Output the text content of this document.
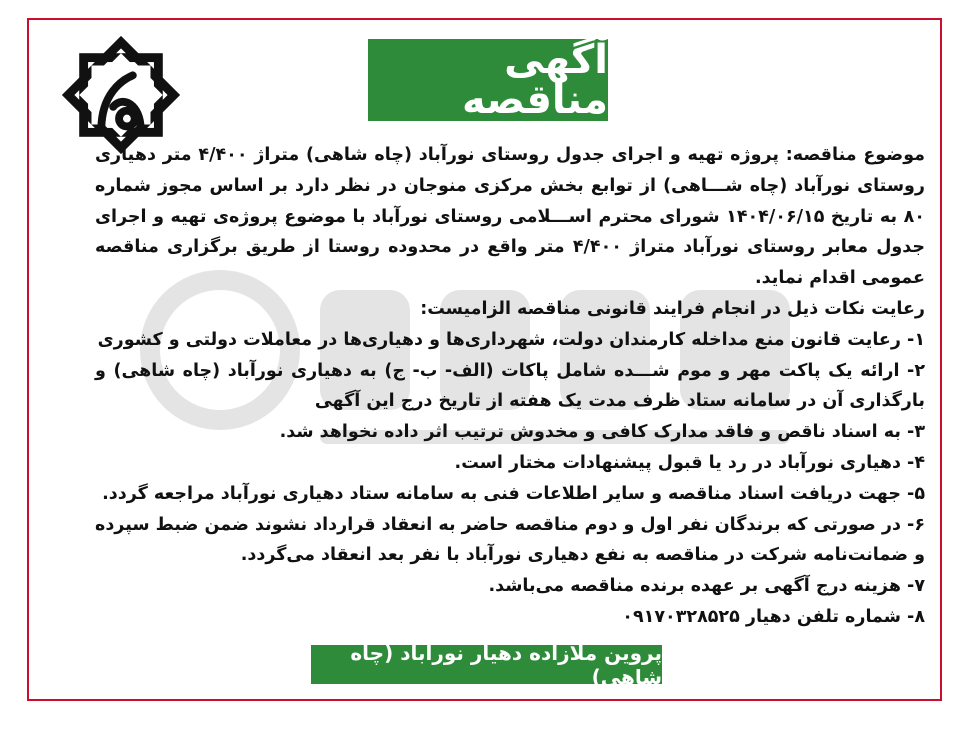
آگهی مناقصه

موضوع مناقصه: پروژه تهیه و اجرای جدول روستای نورآباد (چاه شاهی) متراژ ۴/۴۰۰ متر دهیاری روستای نورآباد (چاه شـــاهی) از توابع بخش مرکزی منوجان در نظر دارد بر اساس مجوز شماره ۸۰ به تاریخ ۱۴۰۴/۰۶/۱۵ شورای محترم اســـلامی روستای نورآباد با موضوع پروژه‌ی تهیه و اجرای جدول معابر روستای نورآباد متراژ ۴/۴۰۰ متر واقع در محدوده روستا از طریق برگزاری مناقصه عمومی اقدام نماید.

رعایت نکات ذیل در انجام فرایند قانونی مناقصه الزامیست:

۱- رعایت قانون منع مداخله کارمندان دولت، شهرداری‌ها و دهیاری‌ها در معاملات دولتی و کشوری

۲- ارائه یک پاکت مهر و موم شـــده شامل پاکات (الف- ب- ج) به دهیاری نورآباد (چاه شاهی) و بارگذاری آن در سامانه ستاد ظرف مدت یک هفته از تاریخ درج این آگهی

۳- به اسناد ناقص و فاقد مدارک کافی و مخدوش ترتیب اثر داده نخواهد شد.

۴- دهیاری نورآباد در رد یا قبول پیشنهادات مختار است.

۵- جهت دریافت اسناد مناقصه و سایر اطلاعات فنی به سامانه ستاد دهیاری نورآباد مراجعه گردد.

۶- در صورتی که برندگان نفر اول و دوم مناقصه حاضر به انعقاد قرارداد نشوند ضمن ضبط سپرده و ضمانت‌نامه شرکت در مناقصه به نفع دهیاری نورآباد با نفر بعد انعقاد می‌گردد.

۷- هزینه درج آگهی بر عهده برنده مناقصه می‌باشد.

۸- شماره تلفن دهیار ۰۹۱۷۰۳۲۸۵۲۵

پروین ملازاده دهیار نورآباد (چاه شاهی)
